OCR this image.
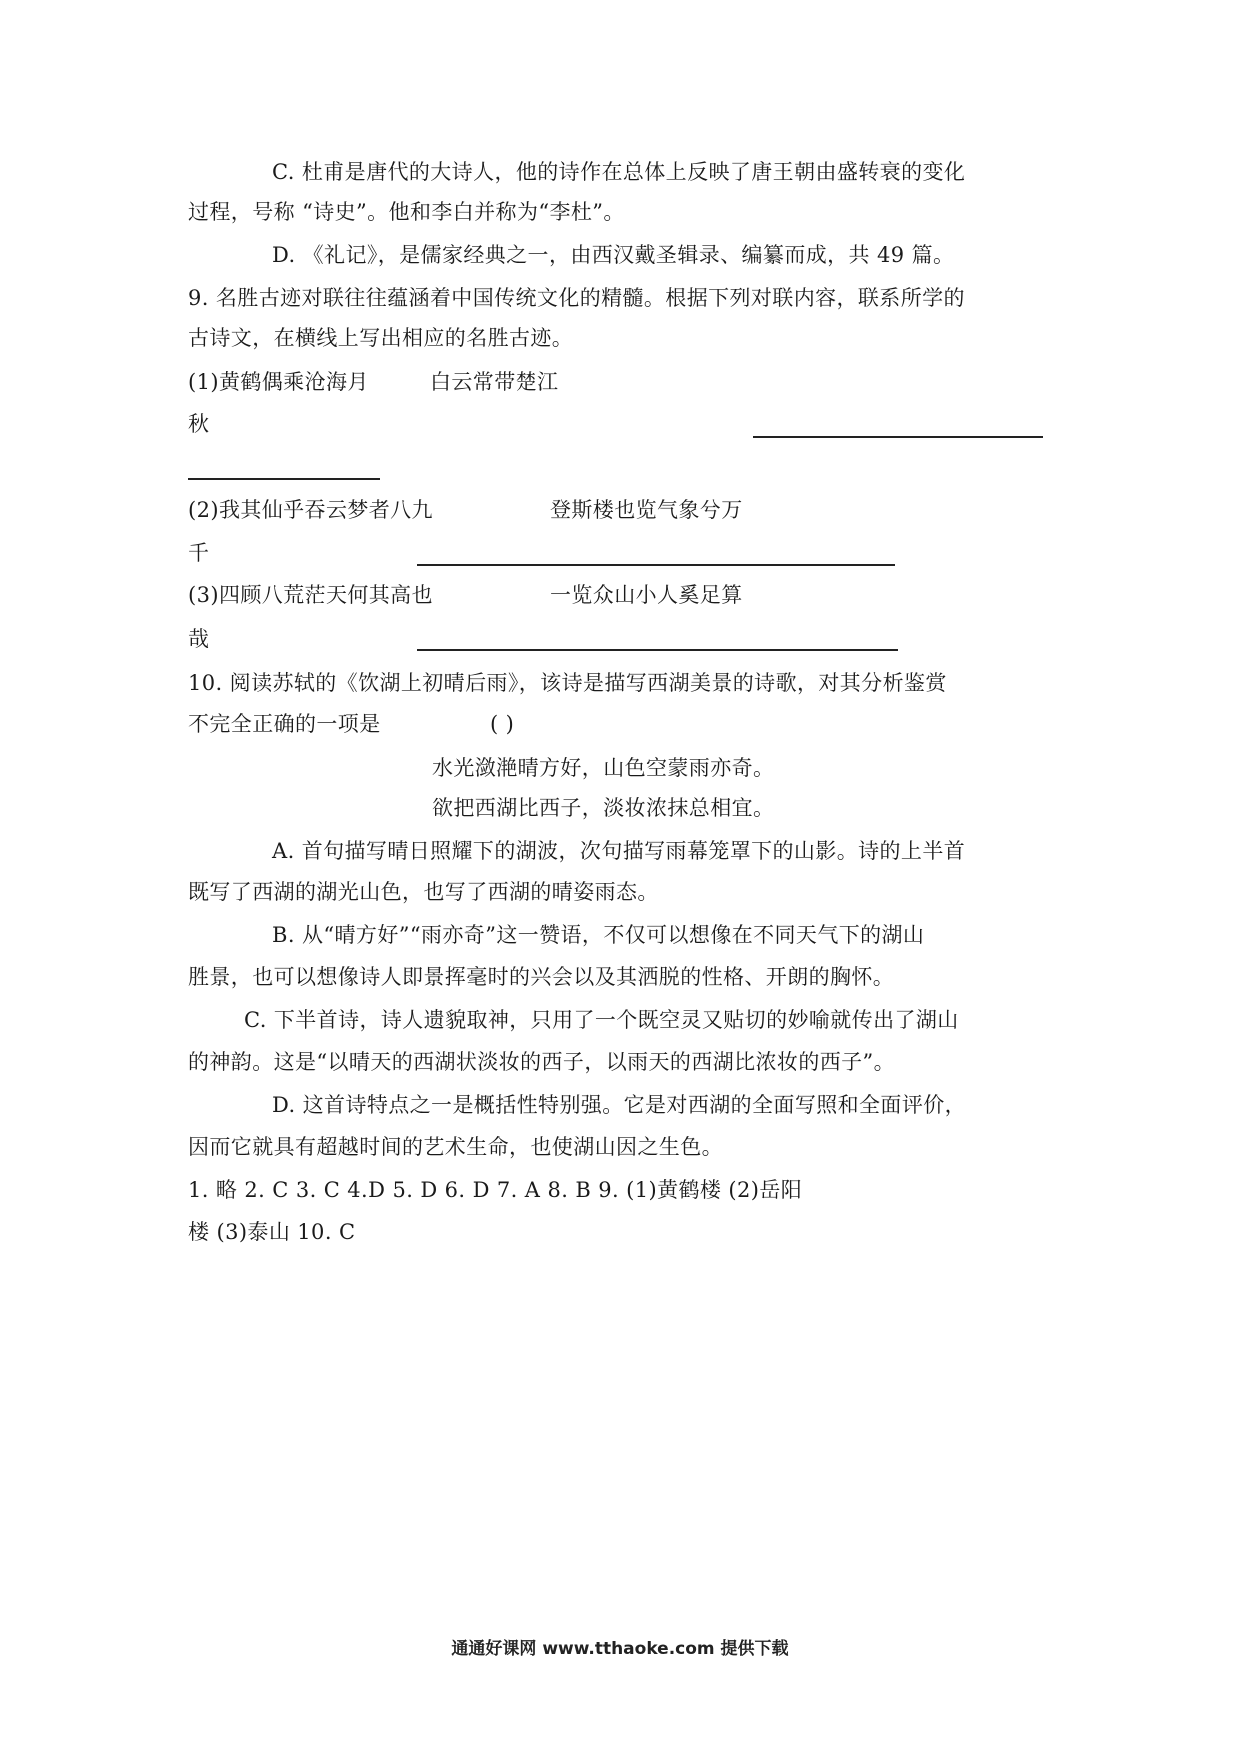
C. 杜甫是唐代的大诗人，他的诗作在总体上反映了唐王朝由盛转衰的变化
过程，号称 “诗史”。他和李白并称为“李杜”。
D. 《礼记》，是儒家经典之一，由西汉戴圣辑录、编纂而成，共 49 篇。
9. 名胜古迹对联往往蕴涵着中国传统文化的精髓。根据下列对联内容，联系所学的
古诗文，在横线上写出相应的名胜古迹。
(1)黄鹤偶乘沧海月	白云常带楚江
秋
(2)我其仙乎吞云梦者八九	登斯楼也览气象兮万
千
(3)四顾八荒茫天何其高也	一览众山小人奚足算
哉
10. 阅读苏轼的《饮湖上初晴后雨》，该诗是描写西湖美景的诗歌，对其分析鉴赏
不完全正确的一项是	( )
水光潋滟晴方好，山色空蒙雨亦奇。
欲把西湖比西子，淡妆浓抹总相宜。
A. 首句描写晴日照耀下的湖波，次句描写雨幕笼罩下的山影。诗的上半首
既写了西湖的湖光山色，也写了西湖的晴姿雨态。
B. 从“晴方好”“雨亦奇”这一赞语，不仅可以想像在不同天气下的湖山
胜景，也可以想像诗人即景挥毫时的兴会以及其洒脱的性格、开朗的胸怀。
C. 下半首诗，诗人遗貌取神，只用了一个既空灵又贴切的妙喻就传出了湖山
的神韵。这是“以晴天的西湖状淡妆的西子，以雨天的西湖比浓妆的西子”。
D. 这首诗特点之一是概括性特别强。它是对西湖的全面写照和全面评价，
因而它就具有超越时间的艺术生命，也使湖山因之生色。
1. 略 2. C 3. C 4.D 5. D 6. D 7. A 8. B 9. (1)黄鹤楼 (2)岳阳
楼 (3)泰山 10. C
通通好课网 www.tthaoke.com 提供下载
